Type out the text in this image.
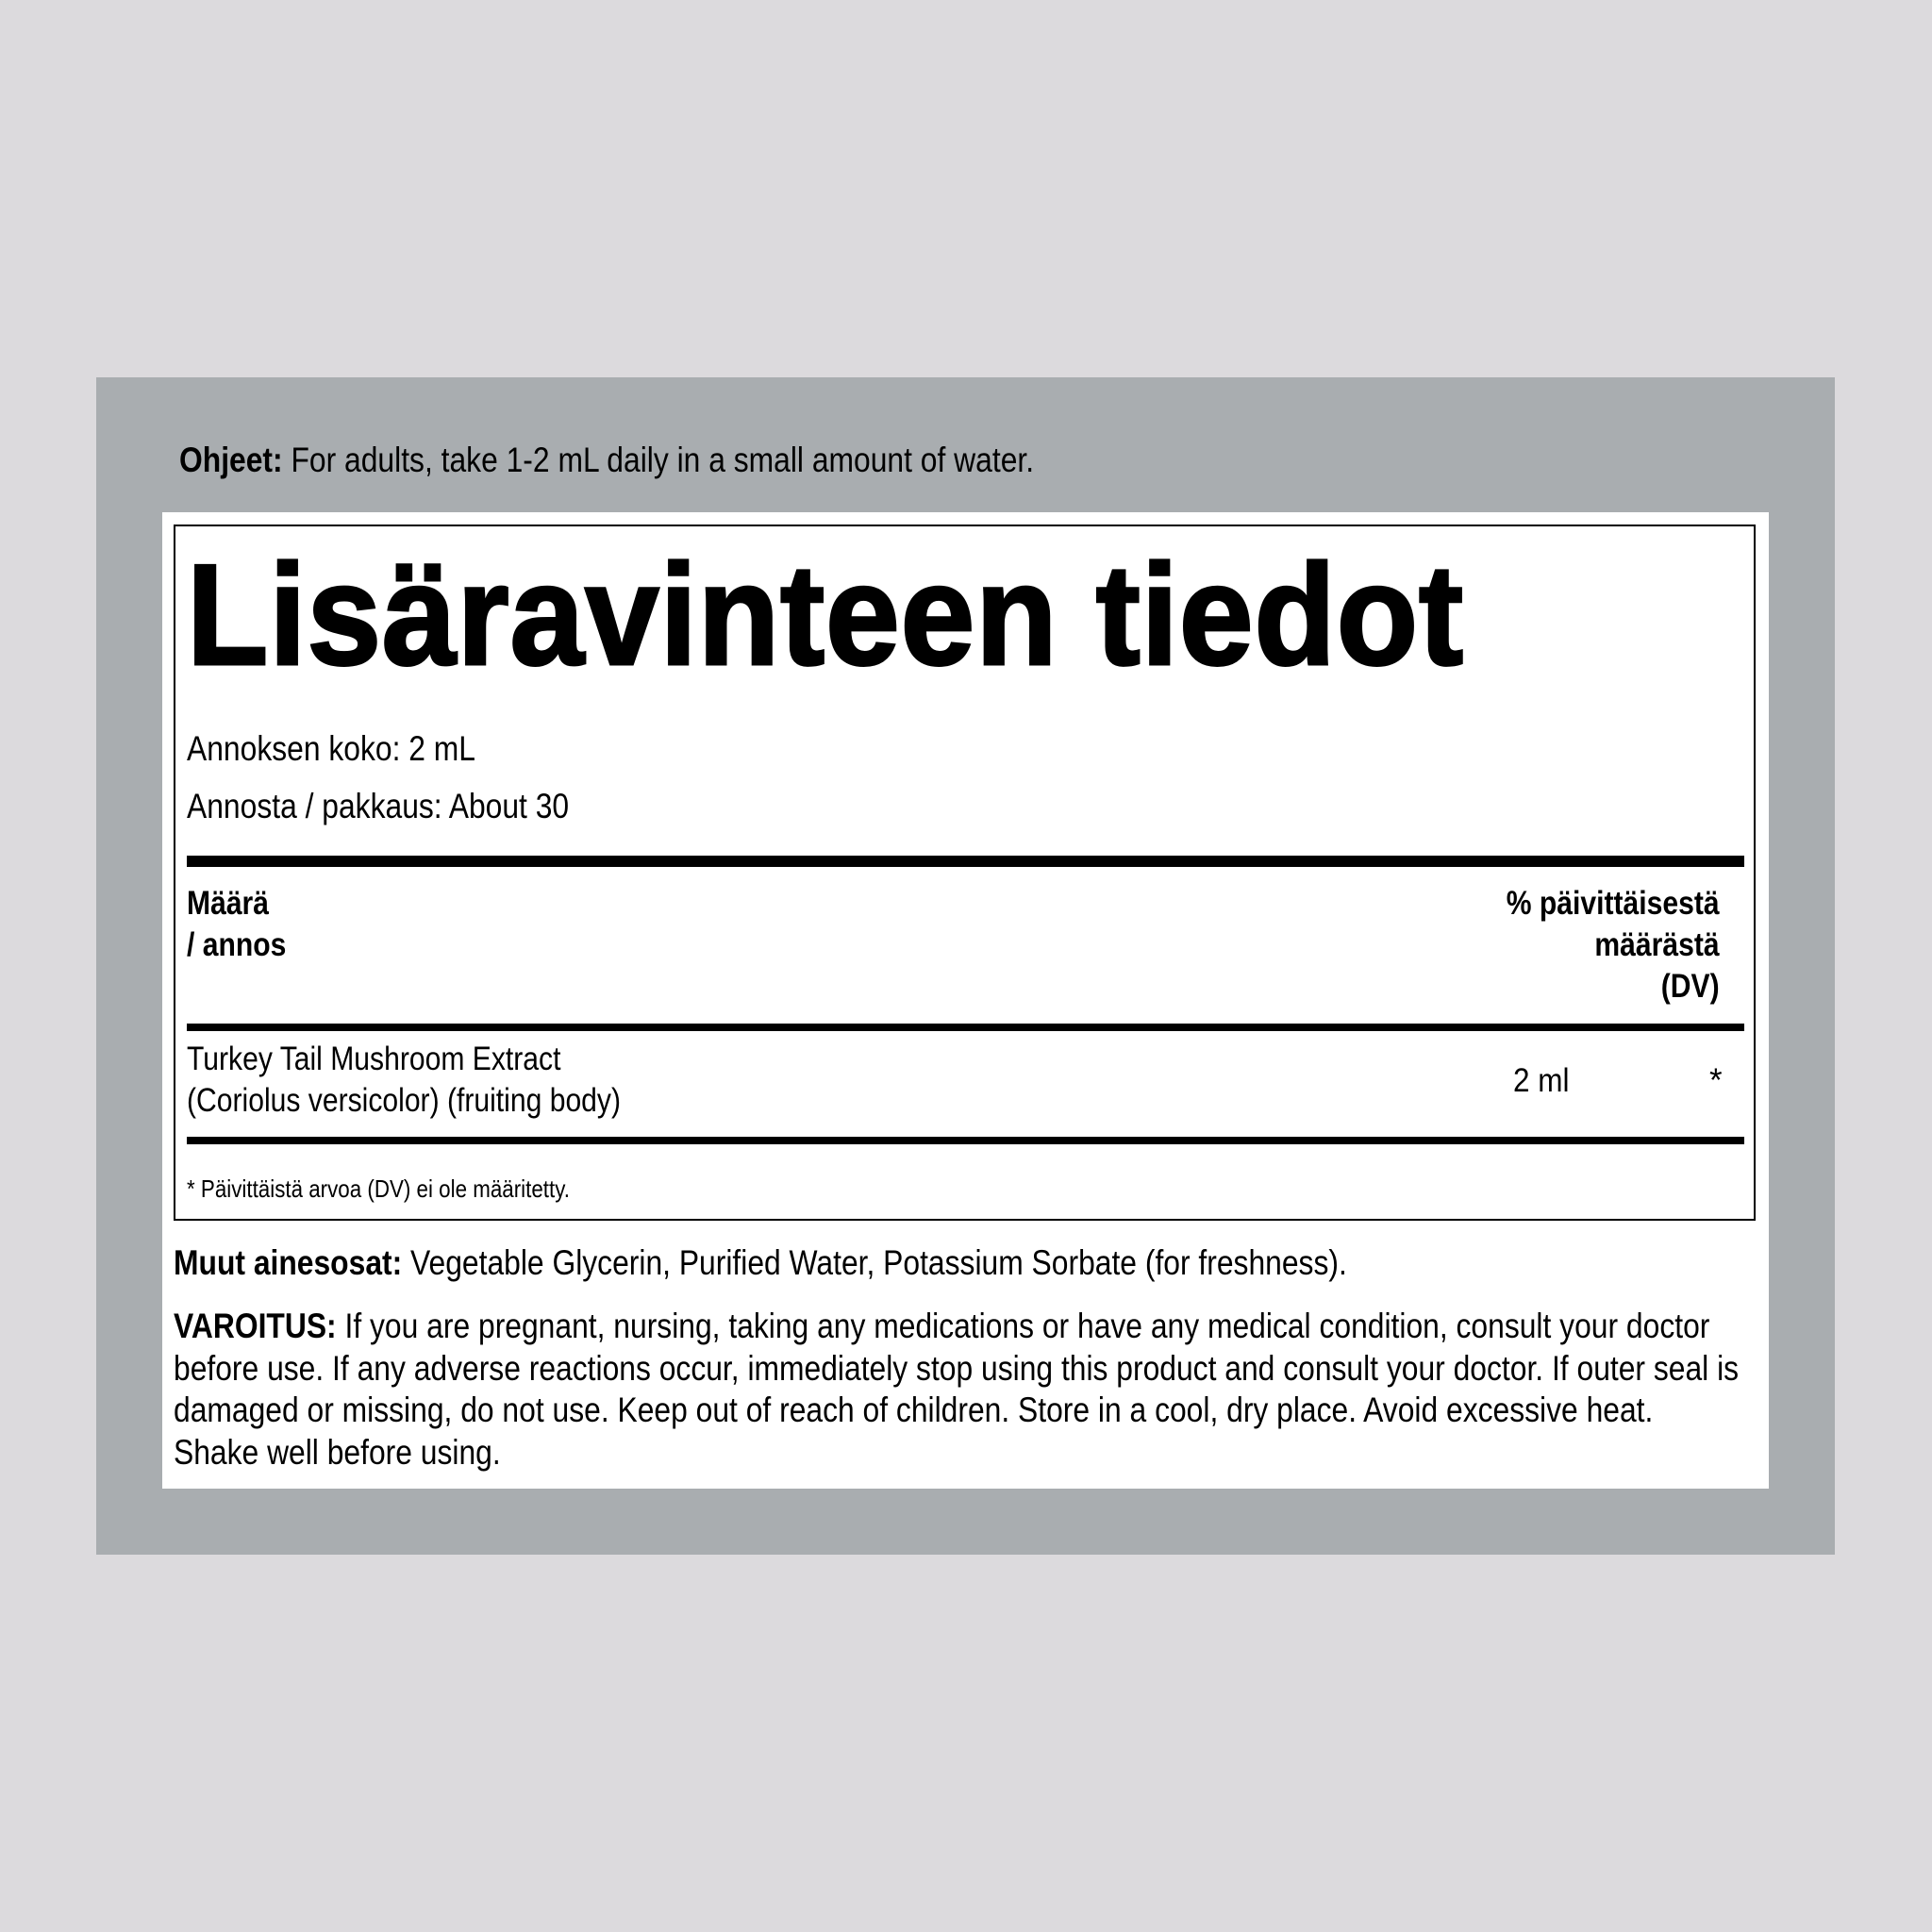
Ohjeet: For adults, take 1-2 mL daily in a small amount of water.
Lisäravinteen tiedot
Annoksen koko: 2 mL
Annosta / pakkaus: About 30
Määrä
/ annos
% päivittäisestä
määrästä
(DV)
Turkey Tail Mushroom Extract
(Coriolus versicolor) (fruiting body)
2 ml	*
* Päivittäistä arvoa (DV) ei ole määritetty.
Muut ainesosat: Vegetable Glycerin, Purified Water, Potassium Sorbate (for freshness).
VAROITUS: If you are pregnant, nursing, taking any medications or have any medical condition, consult your doctor before use. If any adverse reactions occur, immediately stop using this product and consult your doctor. If outer seal is damaged or missing, do not use. Keep out of reach of children. Store in a cool, dry place. Avoid excessive heat. Shake well before using.
